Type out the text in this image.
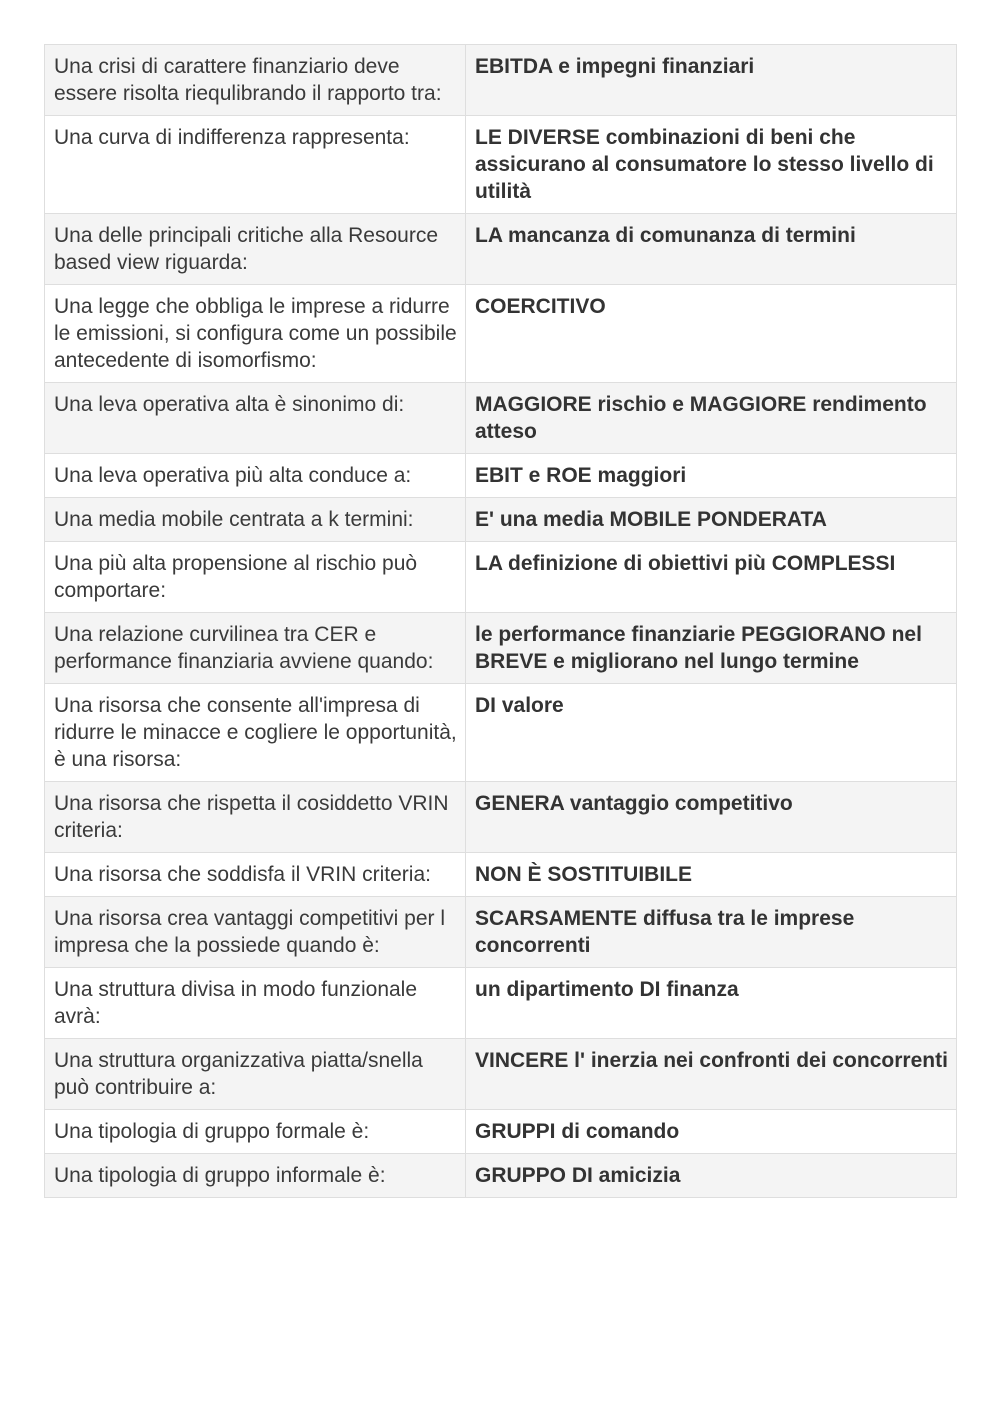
Una crisi di carattere finanziario deve essere risolta riequlibrando il rapporto tra:	EBITDA e impegni finanziari
Una curva di indifferenza rappresenta:	LE DIVERSE combinazioni di beni che assicurano al consumatore lo stesso livello di utilità
Una delle principali critiche alla Resource based view riguarda:	LA mancanza di comunanza di termini
Una legge che obbliga le imprese a ridurre le emissioni, si configura come un possibile antecedente di isomorfismo:	COERCITIVO
Una leva operativa alta è sinonimo di:	MAGGIORE rischio e MAGGIORE rendimento atteso
Una leva operativa più alta conduce a:	EBIT e ROE maggiori
Una media mobile centrata a k termini:	E' una media MOBILE PONDERATA
Una più alta propensione al rischio può comportare:	LA definizione di obiettivi più COMPLESSI
Una relazione curvilinea tra CER e performance finanziaria avviene quando:	le performance finanziarie PEGGIORANO nel BREVE e migliorano nel lungo termine
Una risorsa che consente all'impresa di ridurre le minacce e cogliere le opportunità, è una risorsa:	DI valore
Una risorsa che rispetta il cosiddetto VRIN criteria:	GENERA vantaggio competitivo
Una risorsa che soddisfa il VRIN criteria:	NON È SOSTITUIBILE
Una risorsa crea vantaggi competitivi per l impresa che la possiede quando è:	SCARSAMENTE diffusa tra le imprese concorrenti
Una struttura divisa in modo funzionale avrà:	un dipartimento DI finanza
Una struttura organizzativa piatta/snella può contribuire a:	VINCERE l' inerzia nei confronti dei concorrenti
Una tipologia di gruppo formale è:	GRUPPI di comando
Una tipologia di gruppo informale è:	GRUPPO DI amicizia
